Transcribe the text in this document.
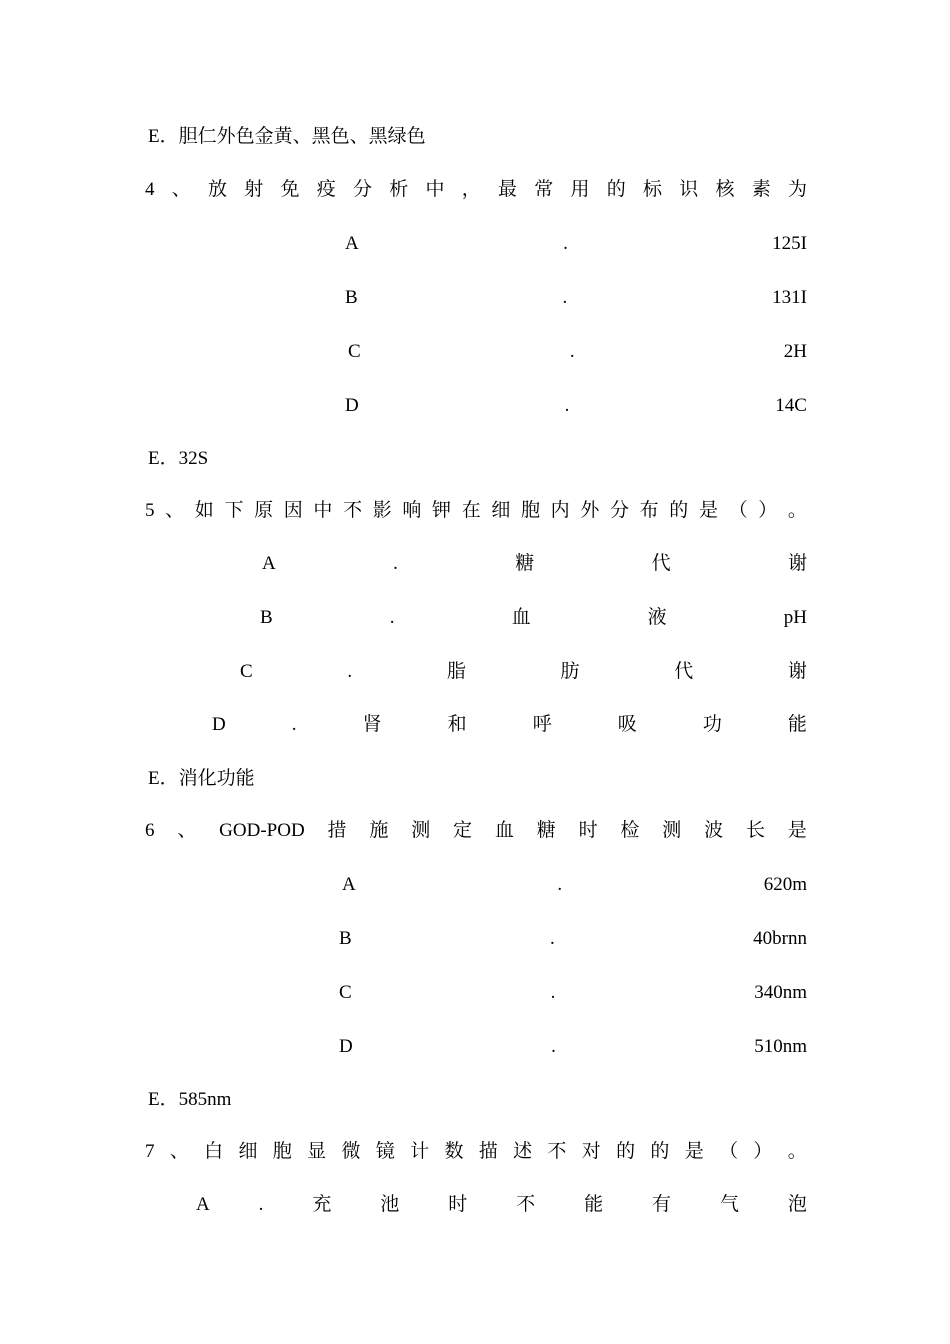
E．胆仁外色金黄、黑色、黑绿色
4 、 放 射 免 疫 分 析 中 ， 最 常 用 的 标 识 核 素 为
A	.	125I
B	.	131I
C	.	2H
D	.	14C
E．32S
5 、 如 下 原 因 中 不 影 响 钾 在 细 胞 内 外 分 布 的 是 （ ） 。
A	.	糖	代	谢
B	.	血	液	pH
C	.	脂	肪	代	谢
D	.	肾	和	呼	吸	功	能
E．消化功能
6 、 GOD-POD 措 施 测 定 血 糖 时 检 测 波 长 是
A	.	620m
B	.	40brnn
C	.	340nm
D	.	510nm
E．585nm
7 、 白 细 胞 显 微 镜 计 数 描 述 不 对 的 的 是 （ ） 。
A	.	充	池	时	不	能	有	气	泡
